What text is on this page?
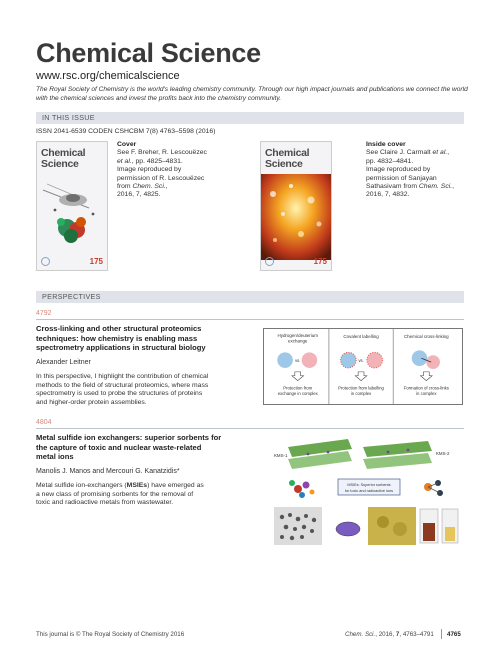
Chemical Science
www.rsc.org/chemicalscience
The Royal Society of Chemistry is the world's leading chemistry community. Through our high impact journals and publications we connect the world with the chemical sciences and invest the profits back into the chemistry community.
IN THIS ISSUE
ISSN 2041-6539 CODEN CSHCBM 7(8) 4763–5598 (2016)
Chemical
Science
175
Cover
See F. Breher, R. Lescouëzec
et al., pp. 4825–4831.
Image reproduced by
permission of R. Lescouëzec
from Chem. Sci.,
2016, 7, 4825.
Chemical
Science
175
Inside cover
See Claire J. Carmalt et al.,
pp. 4832–4841.
Image reproduced by
permission of Sanjayan
Sathasivam from Chem. Sci.,
2016, 7, 4832.
PERSPECTIVES
4792
Cross-linking and other structural proteomics
techniques: how chemistry is enabling mass
spectrometry applications in structural biology
Alexander Leitner
In this perspective, I highlight the contribution of chemical
methods to the field of structural proteomics, where mass
spectrometry is used to probe the structures of proteins
and higher-order protein assemblies.
Hydrogen/deuterium
exchange
Covalent labelling	Chemical cross-linking
vs.	vs.
Protection from
exchange in complex
Protection from labelling
in complex
Formation of cross-links
in complex
4804
Metal sulfide ion exchangers: superior sorbents for
the capture of toxic and nuclear waste-related
metal ions
Manolis J. Manos and Mercouri G. Kanatzidis*
Metal sulfide ion-exchangers (MSIEs) have emerged as
a new class of promising sorbents for the removal of
toxic and radioactive metals from wastewater.
KMS-1	KMS-2
MSIEs: Superior sorbents
for toxic and radioactive ions
This journal is © The Royal Society of Chemistry 2016	Chem. Sci., 2016, 7, 4763–4791 4765
